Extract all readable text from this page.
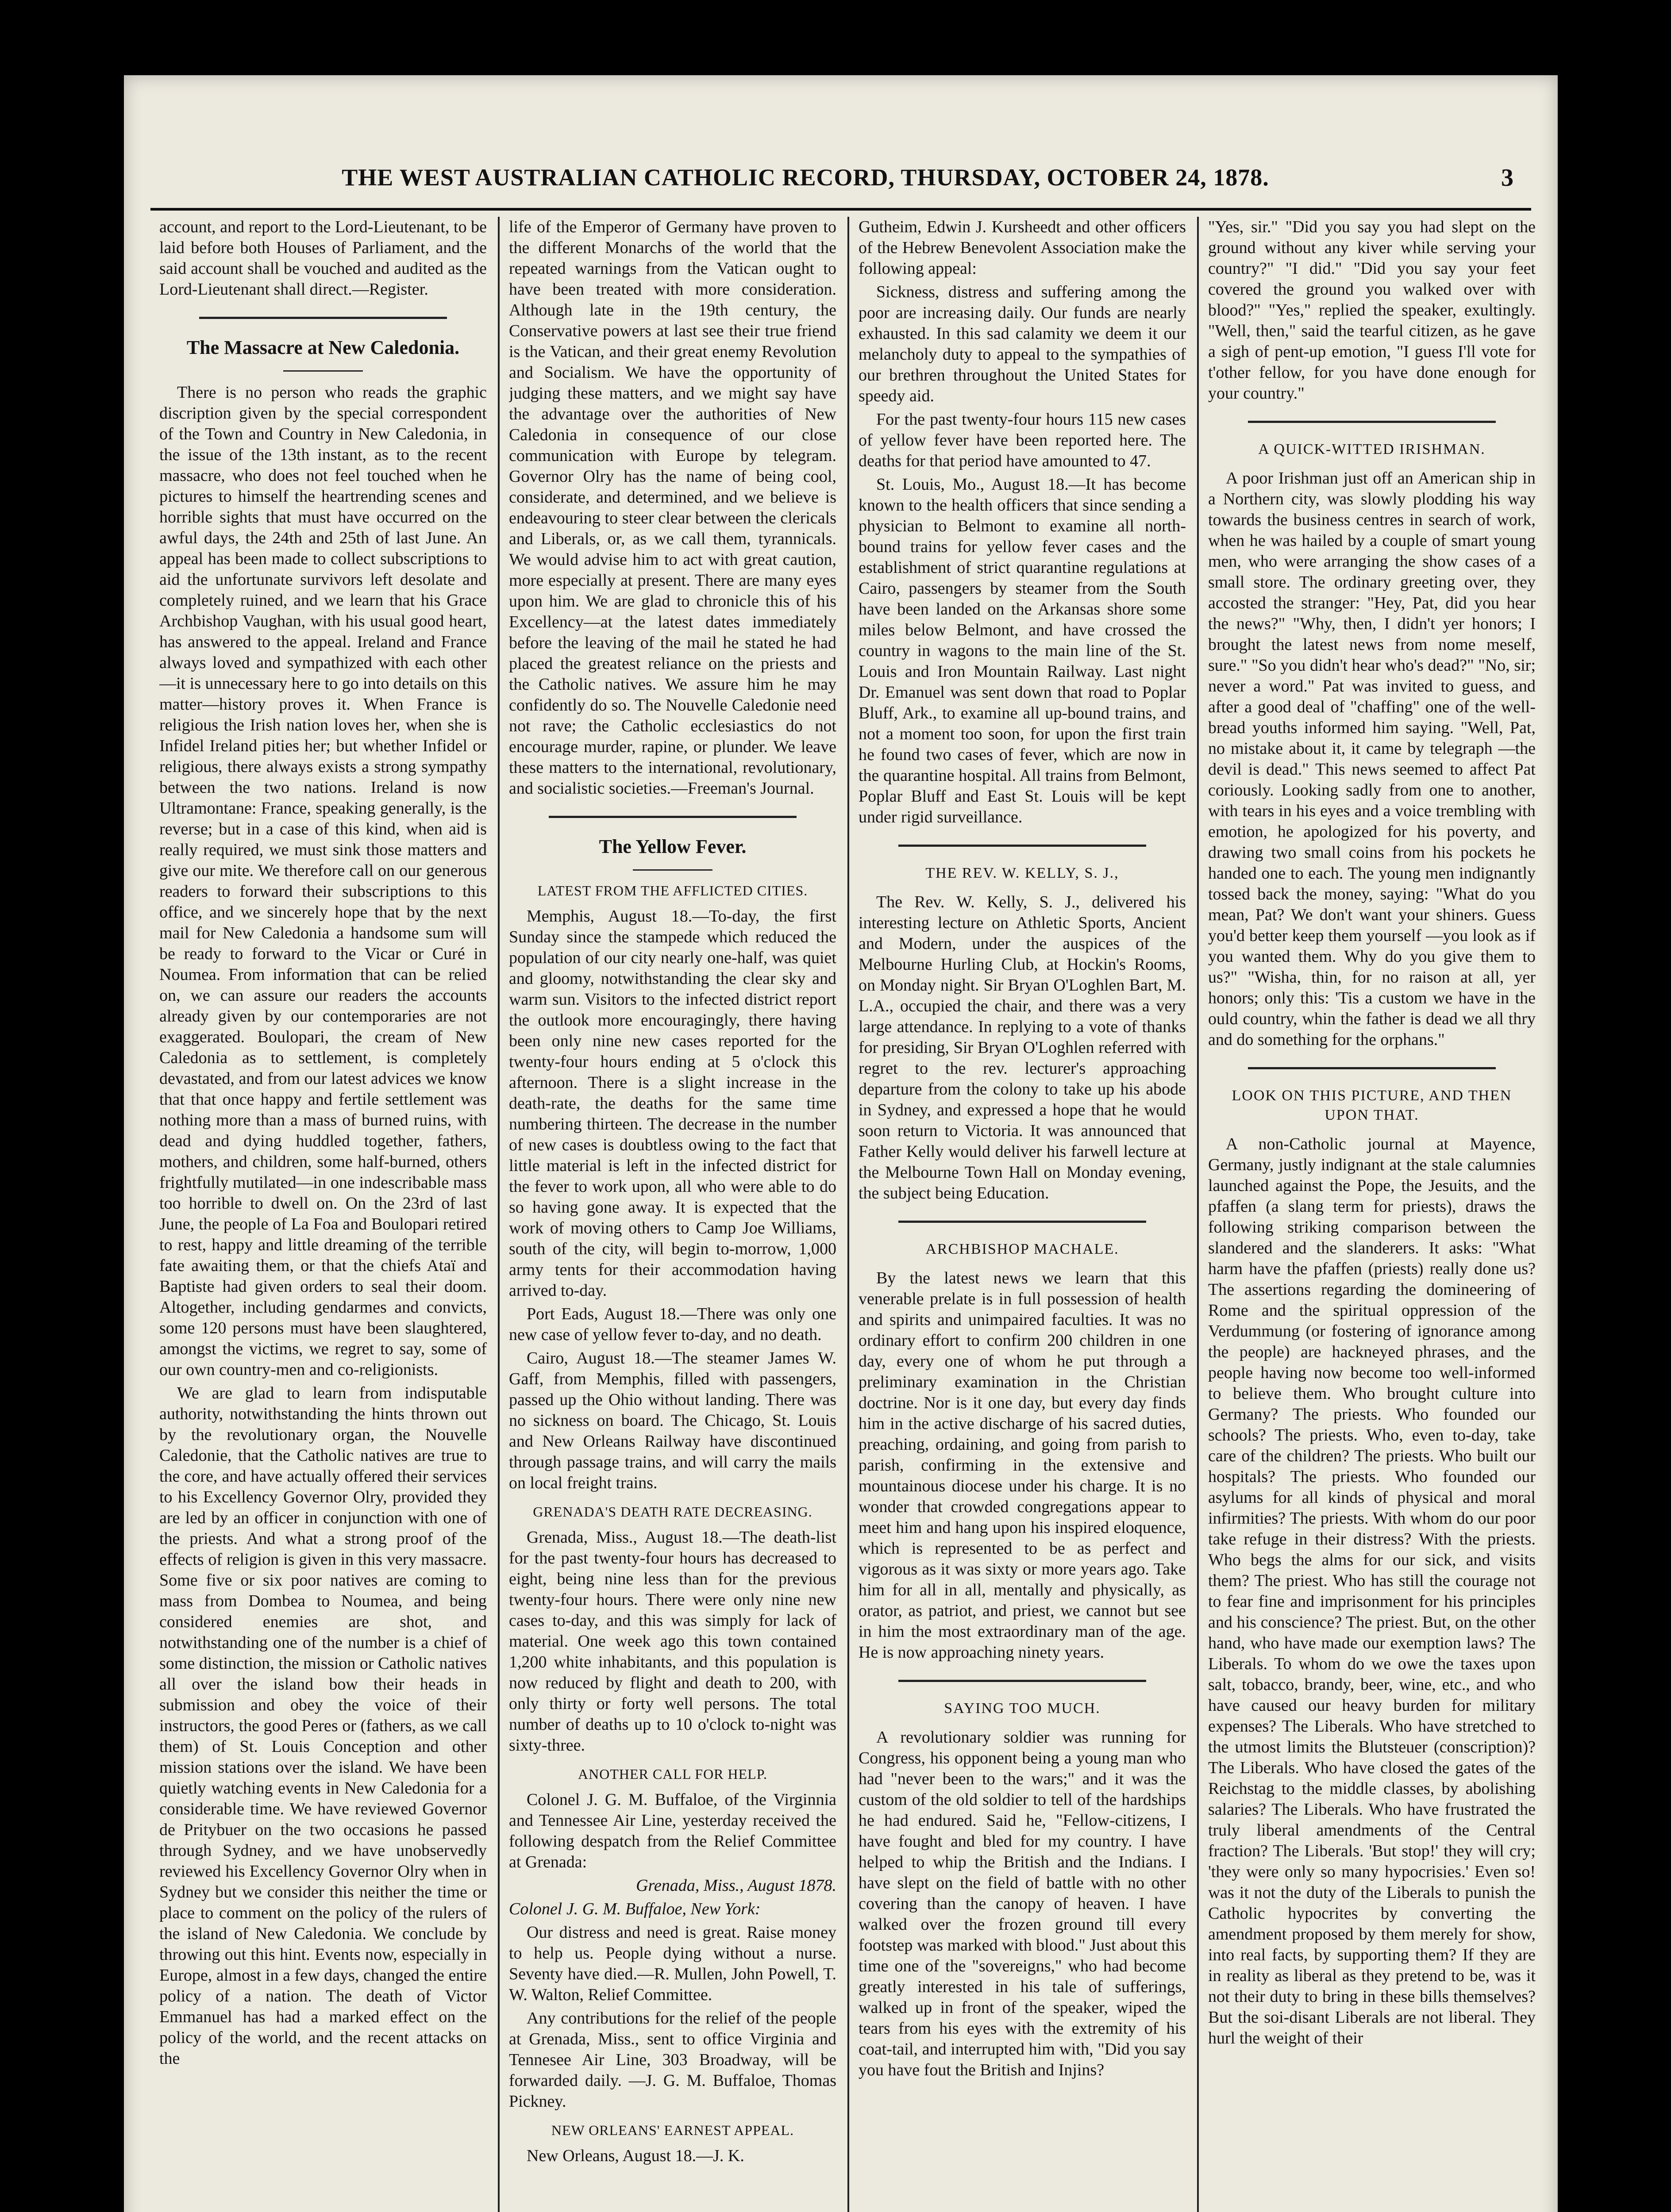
THE WEST AUSTRALIAN CATHOLIC RECORD, THURSDAY, OCTOBER 24, 1878.	3

account, and report to the Lord-Lieutenant, to be laid before both Houses of Parliament, and the said account shall be vouched and audited as the Lord-Lieutenant shall direct.—Register.

The Massacre at New Caledonia.

There is no person who reads the graphic discription given by the special correspondent of the Town and Country in New Caledonia, in the issue of the 13th instant, as to the recent massacre, who does not feel touched when he pictures to himself the heartrending scenes and horrible sights that must have occurred on the awful days, the 24th and 25th of last June. An appeal has been made to collect subscriptions to aid the unfortunate survivors left desolate and completely ruined, and we learn that his Grace Archbishop Vaughan, with his usual good heart, has answered to the appeal. Ireland and France always loved and sympathized with each other—it is unnecessary here to go into details on this matter—history proves it. When France is religious the Irish nation loves her, when she is Infidel Ireland pities her; but whether Infidel or religious, there always exists a strong sympathy between the two nations. Ireland is now Ultramontane: France, speaking generally, is the reverse; but in a case of this kind, when aid is really required, we must sink those matters and give our mite. We therefore call on our generous readers to forward their subscriptions to this office, and we sincerely hope that by the next mail for New Caledonia a handsome sum will be ready to forward to the Vicar or Curé in Noumea. From information that can be relied on, we can assure our readers the accounts already given by our contemporaries are not exaggerated. Boulopari, the cream of New Caledonia as to settlement, is completely devastated, and from our latest advices we know that that once happy and fertile settlement was nothing more than a mass of burned ruins, with dead and dying huddled together, fathers, mothers, and children, some half-burned, others frightfully mutilated—in one indescribable mass too horrible to dwell on. On the 23rd of last June, the people of La Foa and Boulopari retired to rest, happy and little dreaming of the terrible fate awaiting them, or that the chiefs Ataï and Baptiste had given orders to seal their doom. Altogether, including gendarmes and convicts, some 120 persons must have been slaughtered, amongst the victims, we regret to say, some of our own country-men and co-religionists.

We are glad to learn from indisputable authority, notwithstanding the hints thrown out by the revolutionary organ, the Nouvelle Caledonie, that the Catholic natives are true to the core, and have actually offered their services to his Excellency Governor Olry, provided they are led by an officer in conjunction with one of the priests. And what a strong proof of the effects of religion is given in this very massacre. Some five or six poor natives are coming to mass from Dombea to Noumea, and being considered enemies are shot, and notwithstanding one of the number is a chief of some distinction, the mission or Catholic natives all over the island bow their heads in submission and obey the voice of their instructors, the good Peres or (fathers, as we call them) of St. Louis Conception and other mission stations over the island. We have been quietly watching events in New Caledonia for a considerable time. We have reviewed Governor de Pritybuer on the two occasions he passed through Sydney, and we have unobservedly reviewed his Excellency Governor Olry when in Sydney but we consider this neither the time or place to comment on the policy of the rulers of the island of New Caledonia. We conclude by throwing out this hint. Events now, especially in Europe, almost in a few days, changed the entire policy of a nation. The death of Victor Emmanuel has had a marked effect on the policy of the world, and the recent attacks on the

life of the Emperor of Germany have proven to the different Monarchs of the world that the repeated warnings from the Vatican ought to have been treated with more consideration. Although late in the 19th century, the Conservative powers at last see their true friend is the Vatican, and their great enemy Revolution and Socialism. We have the opportunity of judging these matters, and we might say have the advantage over the authorities of New Caledonia in consequence of our close communication with Europe by telegram. Governor Olry has the name of being cool, considerate, and determined, and we believe is endeavouring to steer clear between the clericals and Liberals, or, as we call them, tyrannicals. We would advise him to act with great caution, more especially at present. There are many eyes upon him. We are glad to chronicle this of his Excellency—at the latest dates immediately before the leaving of the mail he stated he had placed the greatest reliance on the priests and the Catholic natives. We assure him he may confidently do so. The Nouvelle Caledonie need not rave; the Catholic ecclesiastics do not encourage murder, rapine, or plunder. We leave these matters to the international, revolutionary, and socialistic societies.—Freeman's Journal.

The Yellow Fever.
LATEST FROM THE AFFLICTED CITIES.

Memphis, August 18.—To-day, the first Sunday since the stampede which reduced the population of our city nearly one-half, was quiet and gloomy, notwithstanding the clear sky and warm sun. Visitors to the infected district report the outlook more encouragingly, there having been only nine new cases reported for the twenty-four hours ending at 5 o'clock this afternoon. There is a slight increase in the death-rate, the deaths for the same time numbering thirteen. The decrease in the number of new cases is doubtless owing to the fact that little material is left in the infected district for the fever to work upon, all who were able to do so having gone away. It is expected that the work of moving others to Camp Joe Williams, south of the city, will begin to-morrow, 1,000 army tents for their accommodation having arrived to-day.

Port Eads, August 18.—There was only one new case of yellow fever to-day, and no death.

Cairo, August 18.—The steamer James W. Gaff, from Memphis, filled with passengers, passed up the Ohio without landing. There was no sickness on board. The Chicago, St. Louis and New Orleans Railway have discontinued through passage trains, and will carry the mails on local freight trains.

GRENADA'S DEATH RATE DECREASING.

Grenada, Miss., August 18.—The death-list for the past twenty-four hours has decreased to eight, being nine less than for the previous twenty-four hours. There were only nine new cases to-day, and this was simply for lack of material. One week ago this town contained 1,200 white inhabitants, and this population is now reduced by flight and death to 200, with only thirty or forty well persons. The total number of deaths up to 10 o'clock to-night was sixty-three.

ANOTHER CALL FOR HELP.

Colonel J. G. M. Buffaloe, of the Virginnia and Tennessee Air Line, yesterday received the following despatch from the Relief Committee at Grenada:

Grenada, Miss., August 1878.

Colonel J. G. M. Buffaloe, New York:

Our distress and need is great. Raise money to help us. People dying without a nurse. Seventy have died.—R. Mullen, John Powell, T. W. Walton, Relief Committee.

Any contributions for the relief of the people at Grenada, Miss., sent to office Virginia and Tennesee Air Line, 303 Broadway, will be forwarded daily. —J. G. M. Buffaloe, Thomas Pickney.

NEW ORLEANS' EARNEST APPEAL.

New Orleans, August 18.—J. K.

Gutheim, Edwin J. Kursheedt and other officers of the Hebrew Benevolent Association make the following appeal:

Sickness, distress and suffering among the poor are increasing daily. Our funds are nearly exhausted. In this sad calamity we deem it our melancholy duty to appeal to the sympathies of our brethren throughout the United States for speedy aid.

For the past twenty-four hours 115 new cases of yellow fever have been reported here. The deaths for that period have amounted to 47.

St. Louis, Mo., August 18.—It has become known to the health officers that since sending a physician to Belmont to examine all north-bound trains for yellow fever cases and the establishment of strict quarantine regulations at Cairo, passengers by steamer from the South have been landed on the Arkansas shore some miles below Belmont, and have crossed the country in wagons to the main line of the St. Louis and Iron Mountain Railway. Last night Dr. Emanuel was sent down that road to Poplar Bluff, Ark., to examine all up-bound trains, and not a moment too soon, for upon the first train he found two cases of fever, which are now in the quarantine hospital. All trains from Belmont, Poplar Bluff and East St. Louis will be kept under rigid surveillance.

THE REV. W. KELLY, S. J.,

The Rev. W. Kelly, S. J., delivered his interesting lecture on Athletic Sports, Ancient and Modern, under the auspices of the Melbourne Hurling Club, at Hockin's Rooms, on Monday night. Sir Bryan O'Loghlen Bart, M. L.A., occupied the chair, and there was a very large attendance. In replying to a vote of thanks for presiding, Sir Bryan O'Loghlen referred with regret to the rev. lecturer's approaching departure from the colony to take up his abode in Sydney, and expressed a hope that he would soon return to Victoria. It was announced that Father Kelly would deliver his farwell lecture at the Melbourne Town Hall on Monday evening, the subject being Education.

ARCHBISHOP MACHALE.

By the latest news we learn that this venerable prelate is in full possession of health and spirits and unimpaired faculties. It was no ordinary effort to confirm 200 children in one day, every one of whom he put through a preliminary examination in the Christian doctrine. Nor is it one day, but every day finds him in the active discharge of his sacred duties, preaching, ordaining, and going from parish to parish, confirming in the extensive and mountainous diocese under his charge. It is no wonder that crowded congregations appear to meet him and hang upon his inspired eloquence, which is represented to be as perfect and vigorous as it was sixty or more years ago. Take him for all in all, mentally and physically, as orator, as patriot, and priest, we cannot but see in him the most extraordinary man of the age. He is now approaching ninety years.

SAYING TOO MUCH.

A revolutionary soldier was running for Congress, his opponent being a young man who had "never been to the wars;" and it was the custom of the old soldier to tell of the hardships he had endured. Said he, "Fellow-citizens, I have fought and bled for my country. I have helped to whip the British and the Indians. I have slept on the field of battle with no other covering than the canopy of heaven. I have walked over the frozen ground till every footstep was marked with blood." Just about this time one of the "sovereigns," who had become greatly interested in his tale of sufferings, walked up in front of the speaker, wiped the tears from his eyes with the extremity of his coat-tail, and interrupted him with, "Did you say you have fout the British and Injins?

"Yes, sir." "Did you say you had slept on the ground without any kiver while serving your country?" "I did." "Did you say your feet covered the ground you walked over with blood?" "Yes," replied the speaker, exultingly. "Well, then," said the tearful citizen, as he gave a sigh of pent-up emotion, "I guess I'll vote for t'other fellow, for you have done enough for your country."

A QUICK-WITTED IRISHMAN.

A poor Irishman just off an American ship in a Northern city, was slowly plodding his way towards the business centres in search of work, when he was hailed by a couple of smart young men, who were arranging the show cases of a small store. The ordinary greeting over, they accosted the stranger: "Hey, Pat, did you hear the news?" "Why, then, I didn't yer honors; I brought the latest news from nome meself, sure." "So you didn't hear who's dead?" "No, sir; never a word." Pat was invited to guess, and after a good deal of "chaffing" one of the well-bread youths informed him saying. "Well, Pat, no mistake about it, it came by telegraph —the devil is dead." This news seemed to affect Pat coriously. Looking sadly from one to another, with tears in his eyes and a voice trembling with emotion, he apologized for his poverty, and drawing two small coins from his pockets he handed one to each. The young men indignantly tossed back the money, saying: "What do you mean, Pat? We don't want your shiners. Guess you'd better keep them yourself —you look as if you wanted them. Why do you give them to us?" "Wisha, thin, for no raison at all, yer honors; only this: 'Tis a custom we have in the ould country, whin the father is dead we all thry and do something for the orphans."

LOOK ON THIS PICTURE, AND THEN UPON THAT.

A non-Catholic journal at Mayence, Germany, justly indignant at the stale calumnies launched against the Pope, the Jesuits, and the pfaffen (a slang term for priests), draws the following striking comparison between the slandered and the slanderers. It asks: "What harm have the pfaffen (priests) really done us? The assertions regarding the domineering of Rome and the spiritual oppression of the Verdummung (or fostering of ignorance among the people) are hackneyed phrases, and the people having now become too well-informed to believe them. Who brought culture into Germany? The priests. Who founded our schools? The priests. Who, even to-day, take care of the children? The priests. Who built our hospitals? The priests. Who founded our asylums for all kinds of physical and moral infirmities? The priests. With whom do our poor take refuge in their distress? With the priests. Who begs the alms for our sick, and visits them? The priest. Who has still the courage not to fear fine and imprisonment for his principles and his conscience? The priest. But, on the other hand, who have made our exemption laws? The Liberals. To whom do we owe the taxes upon salt, tobacco, brandy, beer, wine, etc., and who have caused our heavy burden for military expenses? The Liberals. Who have stretched to the utmost limits the Blutsteuer (conscription)? The Liberals. Who have closed the gates of the Reichstag to the middle classes, by abolishing salaries? The Liberals. Who have frustrated the truly liberal amendments of the Central fraction? The Liberals. 'But stop!' they will cry; 'they were only so many hypocrisies.' Even so! was it not the duty of the Liberals to punish the Catholic hypocrites by converting the amendment proposed by them merely for show, into real facts, by supporting them? If they are in reality as liberal as they pretend to be, was it not their duty to bring in these bills themselves? But the soi-disant Liberals are not liberal. They hurl the weight of their
